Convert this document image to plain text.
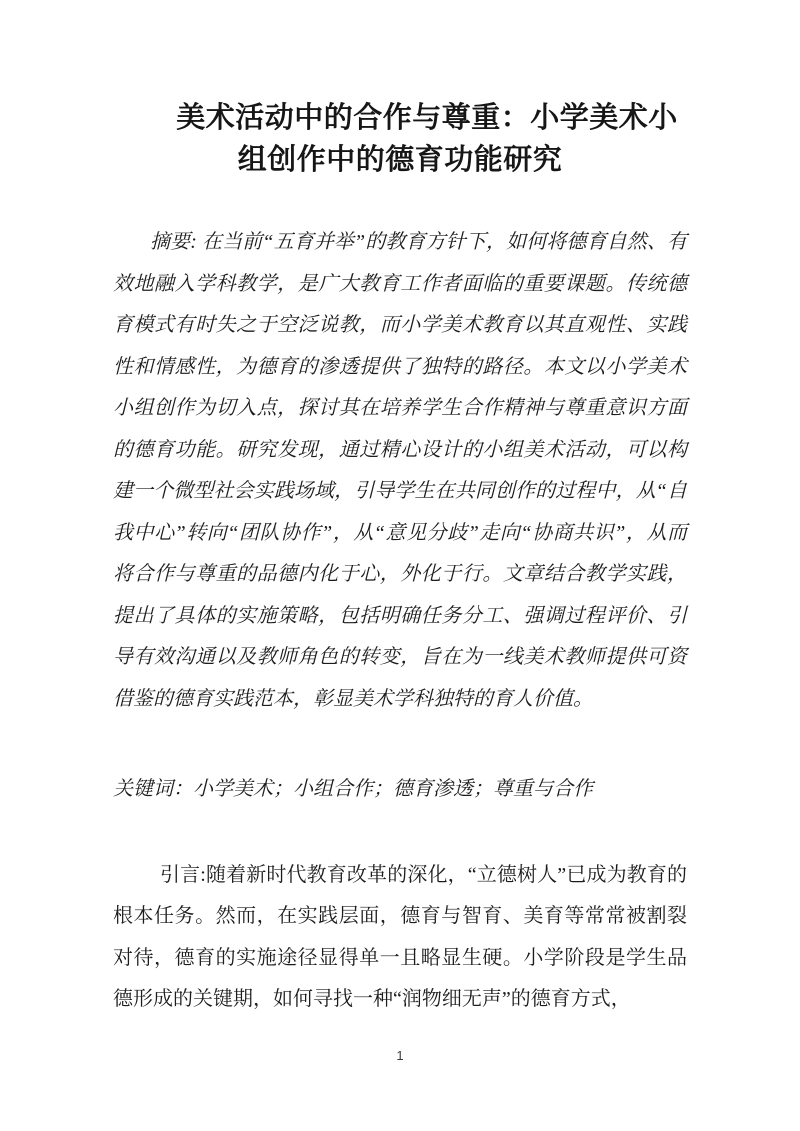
美术活动中的合作与尊重：小学美术小
组创作中的德育功能研究

摘要: 在当前“五育并举”的教育方针下，如何将德育自然、有效地融入学科教学，是广大教育工作者面临的重要课题。传统德育模式有时失之于空泛说教，而小学美术教育以其直观性、实践性和情感性，为德育的渗透提供了独特的路径。本文以小学美术小组创作为切入点，探讨其在培养学生合作精神与尊重意识方面的德育功能。研究发现，通过精心设计的小组美术活动，可以构建一个微型社会实践场域，引导学生在共同创作的过程中，从“自我中心”转向“团队协作”，从“意见分歧”走向“协商共识”，从而将合作与尊重的品德内化于心，外化于行。文章结合教学实践，提出了具体的实施策略，包括明确任务分工、强调过程评价、引导有效沟通以及教师角色的转变，旨在为一线美术教师提供可资借鉴的德育实践范本，彰显美术学科独特的育人价值。

关键词：小学美术；小组合作；德育渗透；尊重与合作

引言:随着新时代教育改革的深化，“立德树人”已成为教育的根本任务。然而，在实践层面，德育与智育、美育等常常被割裂对待，德育的实施途径显得单一且略显生硬。小学阶段是学生品德形成的关键期，如何寻找一种“润物细无声”的德育方式，

1
